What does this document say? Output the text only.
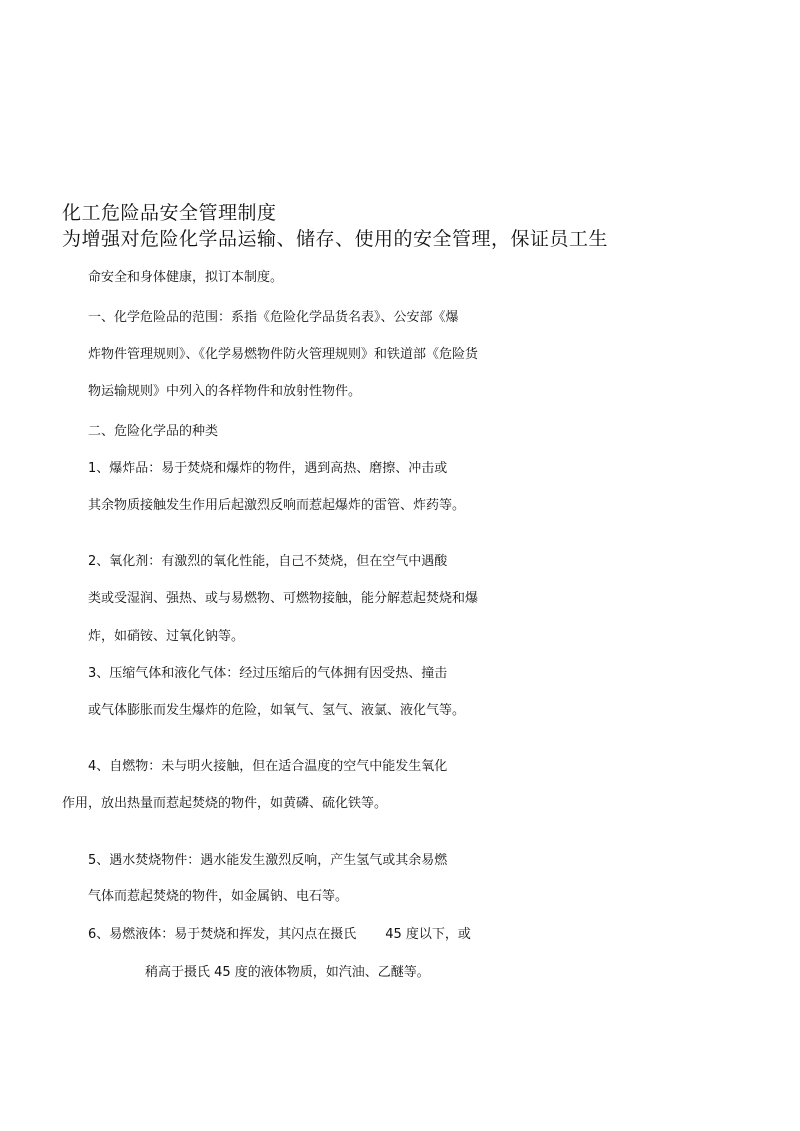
化工危险品安全管理制度
为增强对危险化学品运输、储存、使用的安全管理，保证员工生
命安全和身体健康，拟订本制度。
一、化学危险品的范围：系指《危险化学品货名表》、公安部《爆
炸物件管理规则》、《化学易燃物件防火管理规则》和铁道部《危险货
物运输规则》中列入的各样物件和放射性物件。
二、危险化学品的种类
1、爆炸品：易于焚烧和爆炸的物件，遇到高热、磨擦、冲击或
其余物质接触发生作用后起激烈反响而惹起爆炸的雷管、炸药等。
2、氧化剂：有激烈的氧化性能，自己不焚烧，但在空气中遇酸
类或受湿润、强热、或与易燃物、可燃物接触，能分解惹起焚烧和爆
炸，如硝铵、过氧化钠等。
3、压缩气体和液化气体：经过压缩后的气体拥有因受热、撞击
或气体膨胀而发生爆炸的危险，如氧气、氢气、液氯、液化气等。
4、自燃物：未与明火接触，但在适合温度的空气中能发生氧化
作用，放出热量而惹起焚烧的物件，如黄磷、硫化铁等。
5、遇水焚烧物件：遇水能发生激烈反响，产生氢气或其余易燃
气体而惹起焚烧的物件，如金属钠、电石等。
6、易燃液体：易于焚烧和挥发，其闪点在摄氏       45 度以下，或
稍高于摄氏 45 度的液体物质，如汽油、乙醚等。
